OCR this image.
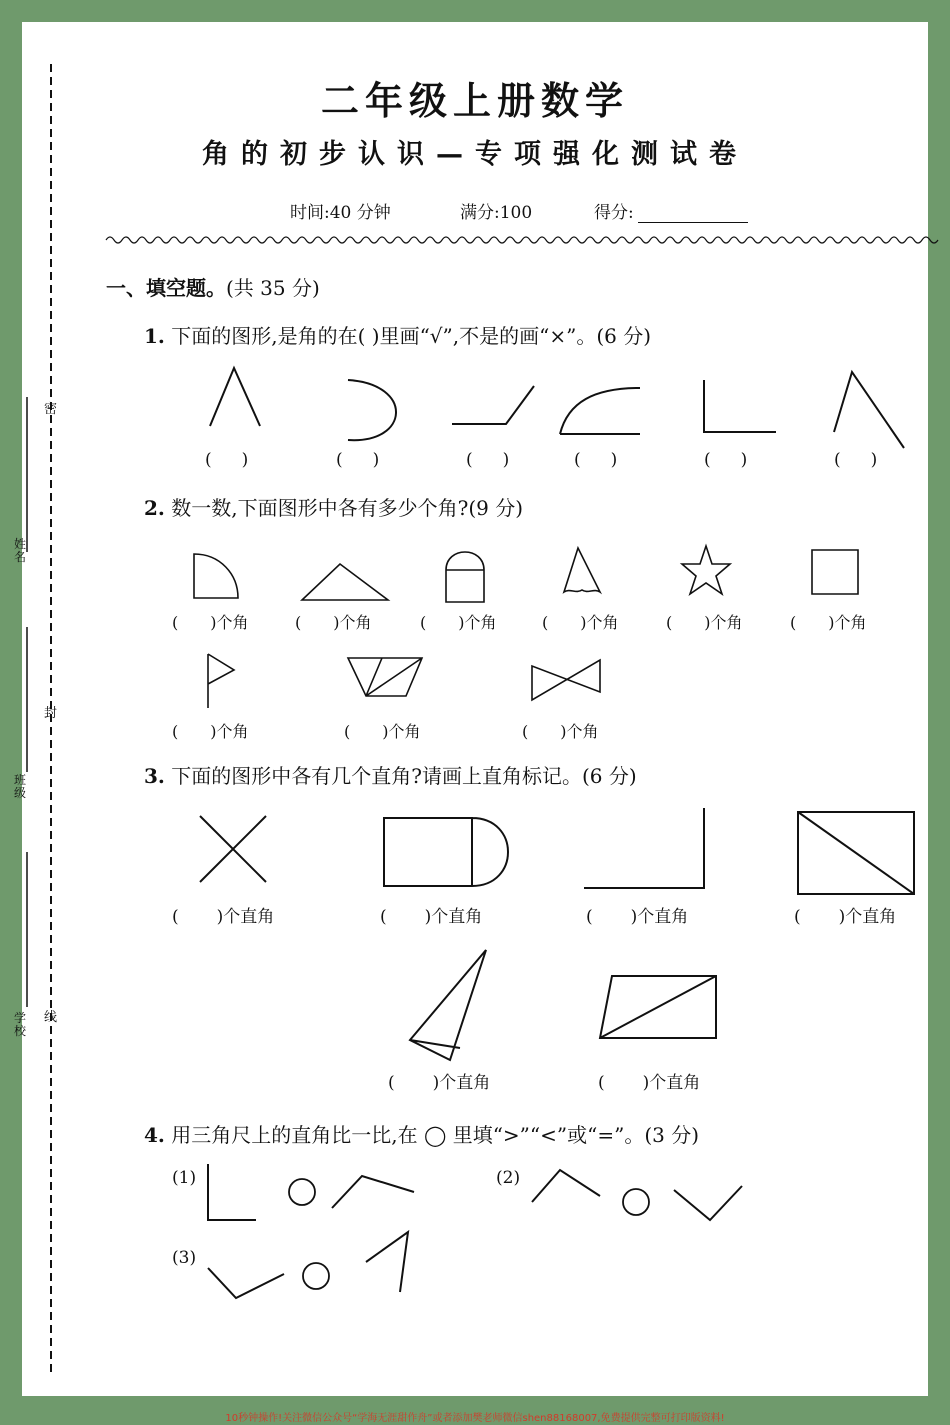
密
封
线
姓名
班级
学校
二年级上册数学
角的初步认识—专项强化测试卷
时间:40 分钟	满分:100	得分:
一、填空题。(共 35 分)
1. 下面的图形,是角的在( )里画“√”,不是的画“×”。(6 分)
( )	( )	( )	( )	( )	( )
2. 数一数,下面图形中各有多少个角?(9 分)
( )个角	( )个角	( )个角	( )个角	( )个角	( )个角
( )个角	( )个角	( )个角
3. 下面的图形中各有几个直角?请画上直角标记。(6 分)
( )个直角	( )个直角	( )个直角	( )个直角
( )个直角	( )个直角
4. 用三角尺上的直角比一比,在 ◯ 里填“>”“<”或“=”。(3 分)
(1)	(2)
(3)
10秒钟操作!关注微信公众号“学海无涯甜作舟”或者添加樊老师微信shen88168007,免费提供完整可打印版资料!
